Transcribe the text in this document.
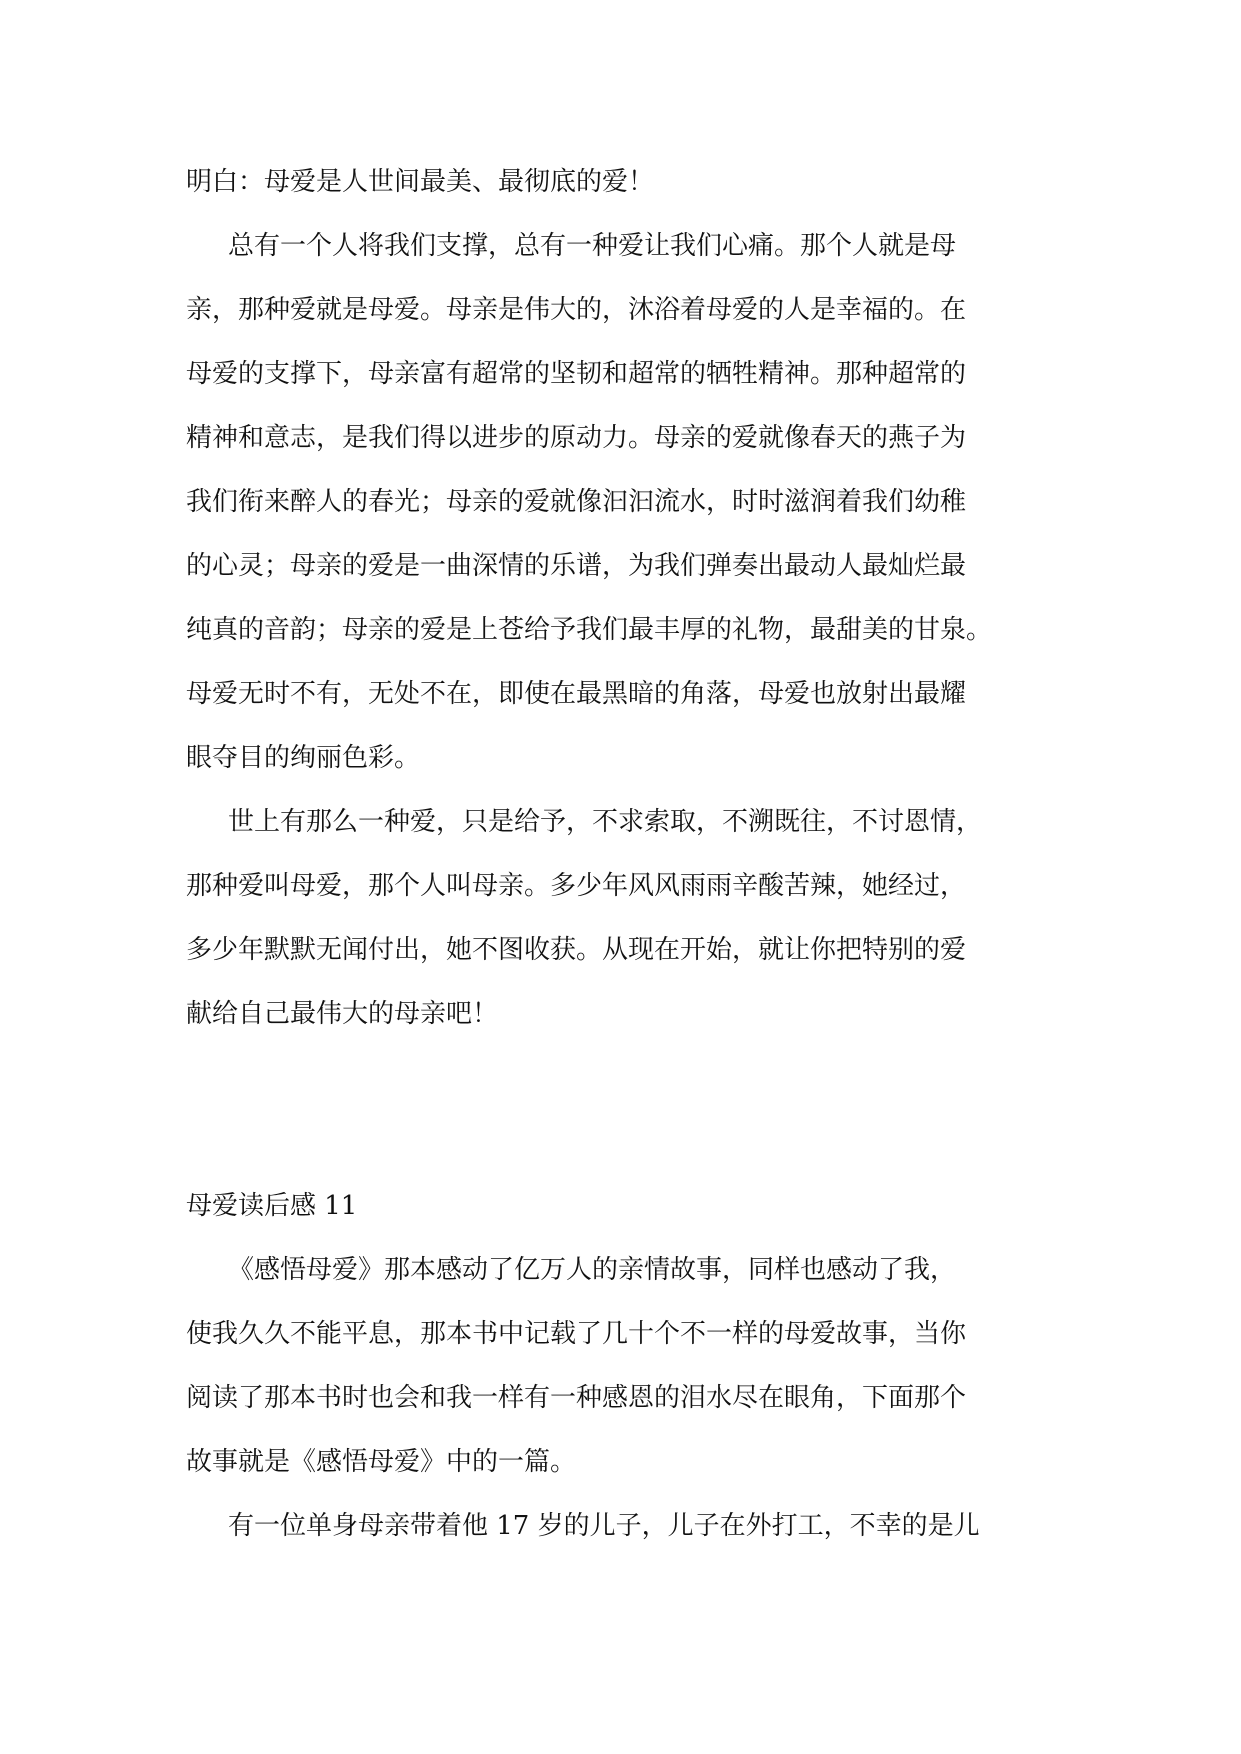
明白：母爱是人世间最美、最彻底的爱！
总有一个人将我们支撑，总有一种爱让我们心痛。那个人就是母
亲，那种爱就是母爱。母亲是伟大的，沐浴着母爱的人是幸福的。在
母爱的支撑下，母亲富有超常的坚韧和超常的牺牲精神。那种超常的
精神和意志，是我们得以进步的原动力。母亲的爱就像春天的燕子为
我们衔来醉人的春光；母亲的爱就像汩汩流水，时时滋润着我们幼稚
的心灵；母亲的爱是一曲深情的乐谱，为我们弹奏出最动人最灿烂最
纯真的音韵；母亲的爱是上苍给予我们最丰厚的礼物，最甜美的甘泉。
母爱无时不有，无处不在，即使在最黑暗的角落，母爱也放射出最耀
眼夺目的绚丽色彩。
世上有那么一种爱，只是给予，不求索取，不溯既往，不讨恩情，
那种爱叫母爱，那个人叫母亲。多少年风风雨雨辛酸苦辣，她经过，
多少年默默无闻付出，她不图收获。从现在开始，就让你把特别的爱
献给自己最伟大的母亲吧！
母爱读后感 11
《感悟母爱》那本感动了亿万人的亲情故事，同样也感动了我，
使我久久不能平息，那本书中记载了几十个不一样的母爱故事，当你
阅读了那本书时也会和我一样有一种感恩的泪水尽在眼角，下面那个
故事就是《感悟母爱》中的一篇。
有一位单身母亲带着他 17 岁的儿子，儿子在外打工，不幸的是儿
